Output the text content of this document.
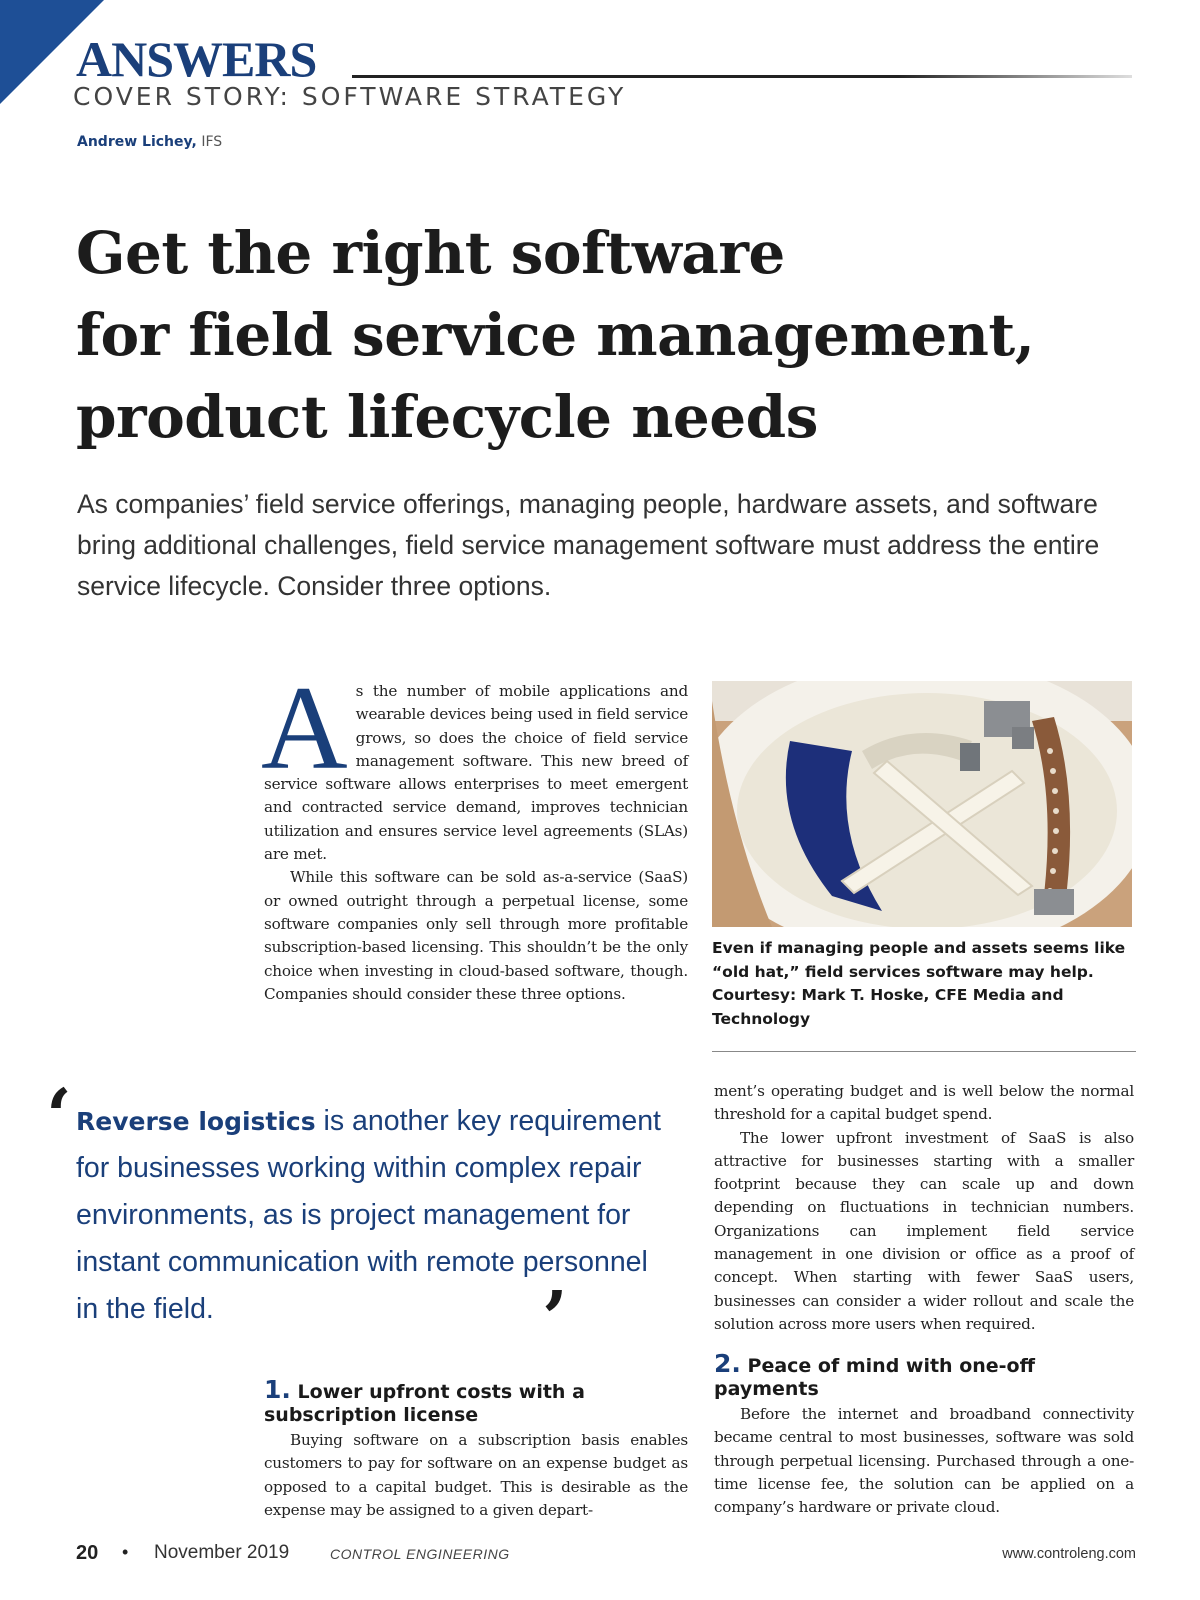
ANSWERS
COVER STORY: SOFTWARE STRATEGY
Andrew Lichey, IFS
Get the right software
for field service management,
product lifecycle needs

As companies’ field service offerings, managing people, hardware assets, and software bring additional challenges, field service management software must address the entire service lifecycle. Consider three options.

A s the number of mobile applications and wearable devices being used in field service grows, so does the choice of field service management software. This new breed of service software allows enterprises to meet emergent and contracted service demand, improves technician utilization and ensures service level agreements (SLAs) are met.

While this software can be sold as-a-service (SaaS) or owned outright through a perpetual license, some software companies only sell through more profitable subscription-based licensing. This shouldn’t be the only choice when investing in cloud-based software, though. Companies should consider these three options.

Even if managing people and assets seems like “old hat,” field services software may help. Courtesy: Mark T. Hoske, CFE Media and Technology

ment’s operating budget and is well below the normal threshold for a capital budget spend.

The lower upfront investment of SaaS is also attractive for businesses starting with a smaller footprint because they can scale up and down depending on fluctuations in technician numbers. Organizations can implement field service management in one division or office as a proof of concept. When starting with fewer SaaS users, businesses can consider a wider rollout and scale the solution across more users when required.

‘ Reverse logistics is another key requirement for businesses working within complex repair environments, as is project management for instant communication with remote personnel in the field.	’
1. Lower upfront costs with a subscription license

Buying software on a subscription basis enables customers to pay for software on an expense budget as opposed to a capital budget. This is desirable as the expense may be assigned to a given depart-

2. Peace of mind with one-off payments

Before the internet and broadband connectivity became central to most businesses, software was sold through perpetual licensing. Purchased through a one-time license fee, the solution can be applied on a company’s hardware or private cloud.

20 • November 2019	CONTROL ENGINEERING	www.controleng.com
